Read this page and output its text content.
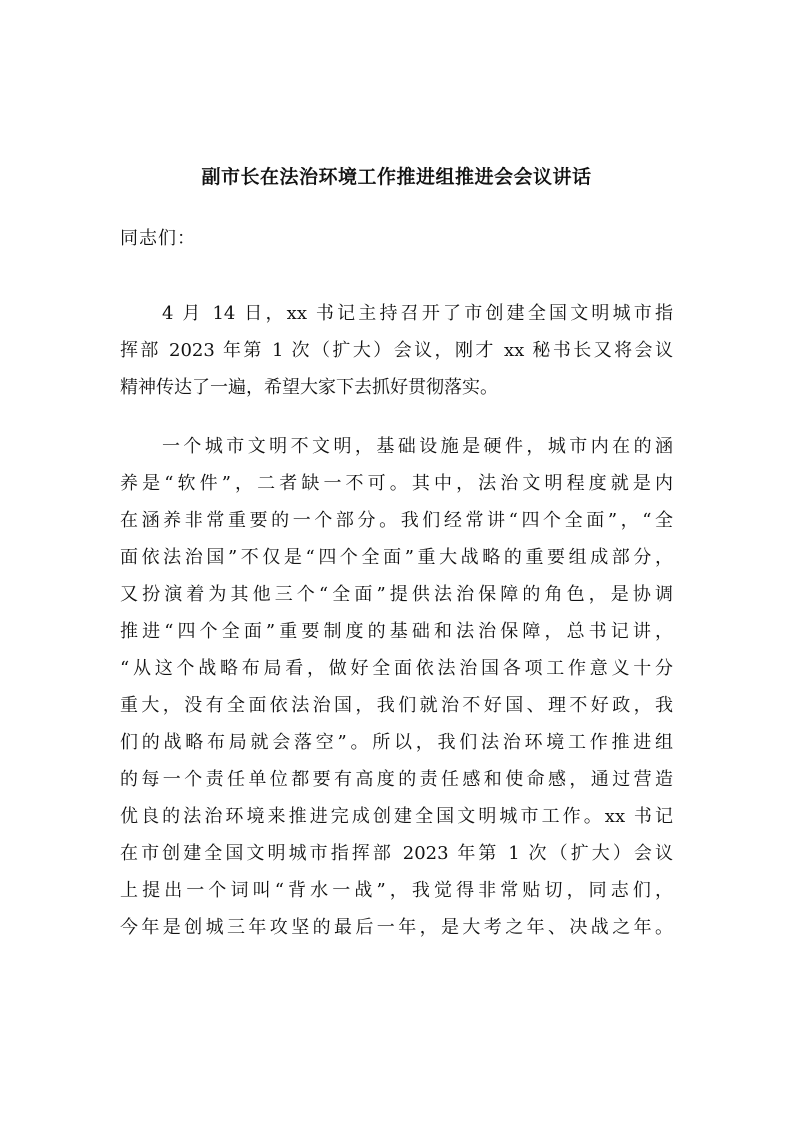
副市长在法治环境工作推进组推进会会议讲话

同志们：

4 月 14 日，xx 书记主持召开了市创建全国文明城市指
挥部 2023 年第 1 次（扩大）会议，刚才 xx 秘书长又将会议
精神传达了一遍，希望大家下去抓好贯彻落实。
一个城市文明不文明，基础设施是硬件，城市内在的涵
养是“软件”，二者缺一不可。其中，法治文明程度就是内
在涵养非常重要的一个部分。我们经常讲“四个全面”，“全
面依法治国”不仅是“四个全面”重大战略的重要组成部分，
又扮演着为其他三个“全面”提供法治保障的角色，是协调
推进“四个全面”重要制度的基础和法治保障，总书记讲，
“从这个战略布局看，做好全面依法治国各项工作意义十分
重大，没有全面依法治国，我们就治不好国、理不好政，我
们的战略布局就会落空”。所以，我们法治环境工作推进组
的每一个责任单位都要有高度的责任感和使命感，通过营造
优良的法治环境来推进完成创建全国文明城市工作。xx 书记
在市创建全国文明城市指挥部 2023 年第 1 次（扩大）会议
上提出一个词叫“背水一战”，我觉得非常贴切，同志们，
今年是创城三年攻坚的最后一年，是大考之年、决战之年。
